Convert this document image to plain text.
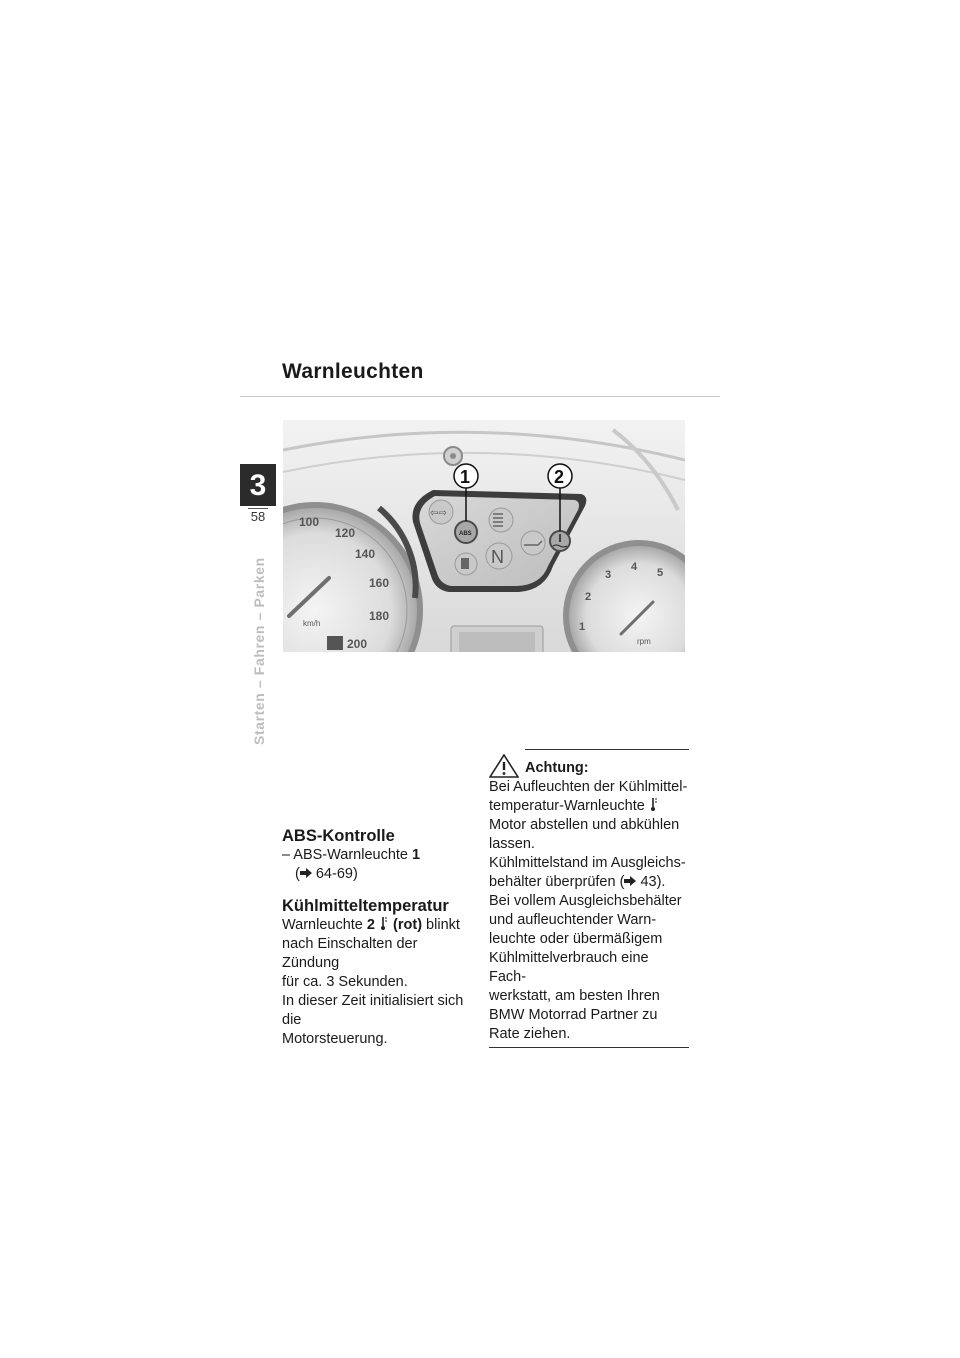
Warnleuchten
3
58
Starten – Fahren – Parken
100
120
140
160
180
200
km/h	1
2
3
4 5
rpm
⇦⇨
ABS
N
1	2

ABS-Kontrolle

– ABS-Warnleuchte 1

( 64-69)

Kühlmitteltemperatur

Warnleuchte 2 (rot) blinkt

nach Einschalten der Zündung

für ca. 3 Sekunden.

In dieser Zeit initialisiert sich die

Motorsteuerung.

Achtung:

Bei Aufleuchten der Kühlmittel-

temperatur-Warnleuchte

Motor abstellen und abkühlen

lassen.

Kühlmittelstand im Ausgleichs-

behälter überprüfen ( 43).

Bei vollem Ausgleichsbehälter

und aufleuchtender Warn-

leuchte oder übermäßigem

Kühlmittelverbrauch eine Fach-

werkstatt, am besten Ihren

BMW Motorrad Partner zu

Rate ziehen.
